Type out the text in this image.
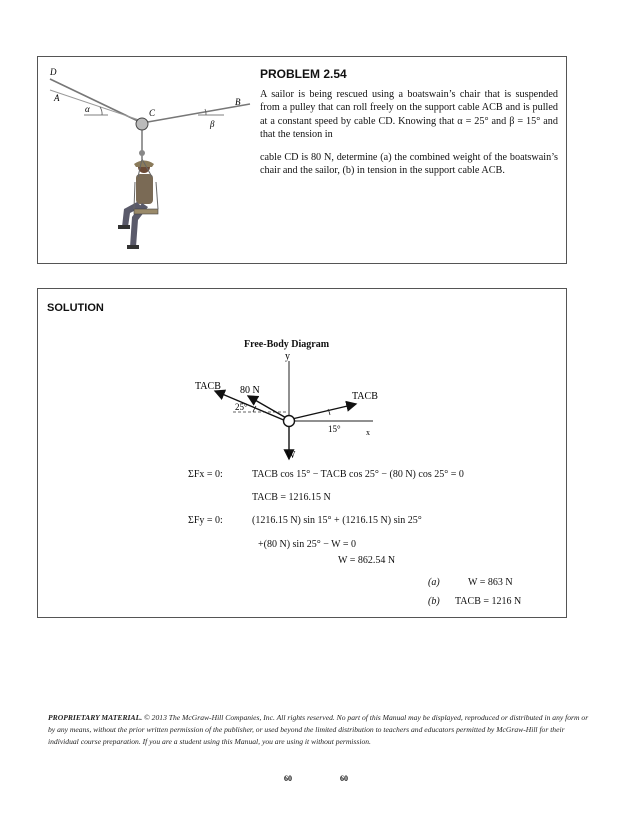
D
A
α	C
B
β
PROBLEM 2.54
A sailor is being rescued using a boatswain’s chair that is suspended from a pulley that can roll freely on the support cable ACB and is pulled at a constant speed by cable CD. Knowing that α = 25° and β = 15° and that the tension in
cable CD is 80 N, determine (a) the combined weight of the boatswain’s chair and the sailor, (b) in tension in the support cable ACB.
SOLUTION
Free-Body Diagram
y
x
TACB 80 N
TACB
25°
15°
W
ΣFx = 0:	TACB cos 15° − TACB cos 25° − (80 N) cos 25° = 0
TACB = 1216.15 N
ΣFy = 0:	(1216.15 N) sin 15° + (1216.15 N) sin 25°
+(80 N) sin 25° − W = 0
W = 862.54 N
(a)	W = 863 N
(b) TACB = 1216 N
PROPRIETARY MATERIAL. © 2013 The McGraw-Hill Companies, Inc. All rights reserved. No part of this Manual may be displayed, reproduced or distributed in any form or by any means, without the prior written permission of the publisher, or used beyond the limited distribution to teachers and educators permitted by McGraw-Hill for their individual course preparation. If you are a student using this Manual, you are using it without permission.
60	60
